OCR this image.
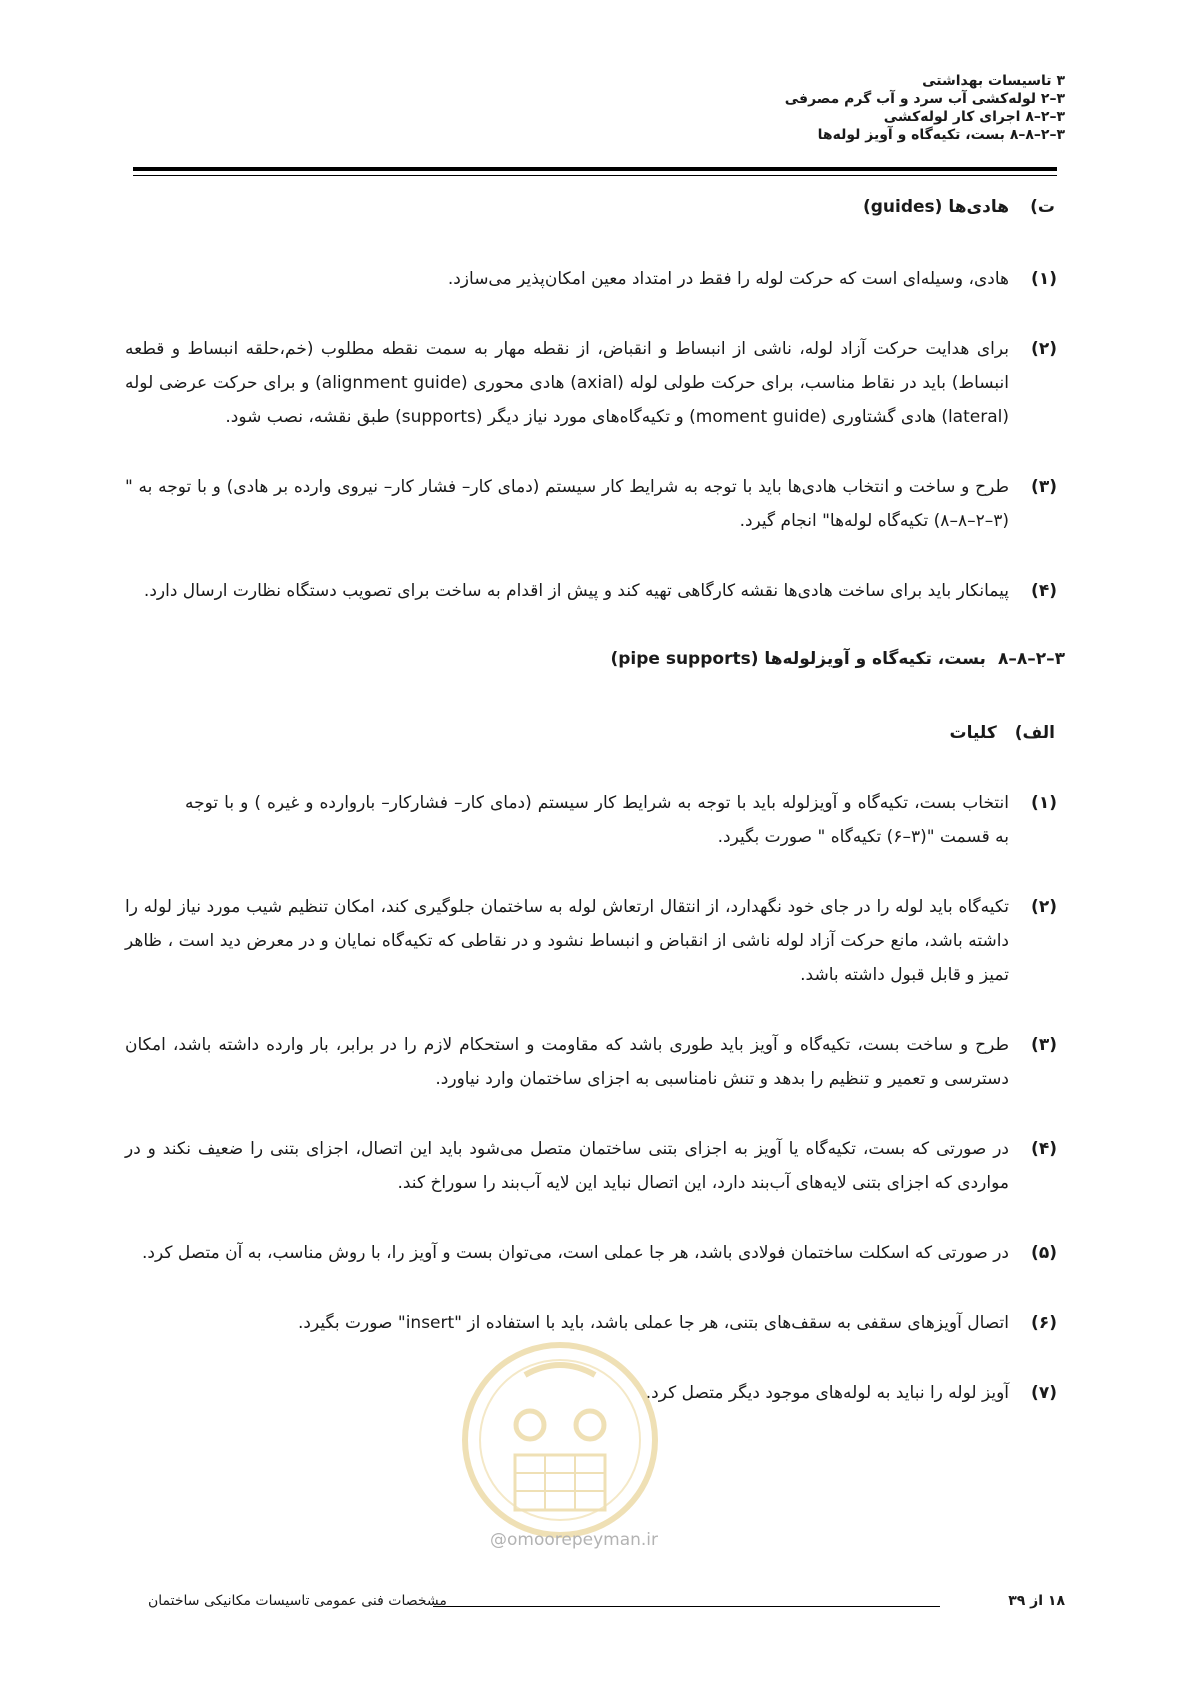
۳ تاسیسات بهداشتی
۳–۲ لوله‌کشی آب سرد و آب گرم مصرفی
۳–۲–۸ اجرای کار لوله‌کشی
۳–۲–۸–۸ بست، تکیه‌گاه و آویز لوله‌ها
ت)
هادی‌ها (guides)
(۱)
هادی، وسیله‌ای است که حرکت لوله را فقط در امتداد معین امکان‌پذیر می‌سازد.
(۲)
برای هدایت حرکت آزاد لوله، ناشی از انبساط و انقباض، از نقطه مهار به سمت نقطه مطلوب (خم،حلقه انبساط و قطعه انبساط) باید در نقاط مناسب، برای حرکت طولی لوله (axial) هادی محوری (alignment guide) و برای حرکت عرضی لوله (lateral) هادی گشتاوری (moment guide) و تکیه‌گاه‌های مورد نیاز دیگر (supports) طبق نقشه، نصب شود.
(۳)
طرح و ساخت و انتخاب هادی‌ها باید با توجه به شرایط کار سیستم (دمای کار– فشار کار– نیروی وارده بر هادی) و با توجه به "(۳–۲–۸–۸) تکیه‌گاه لوله‌ها" انجام گیرد.
(۴)
پیمانکار باید برای ساخت هادی‌ها نقشه کارگاهی تهیه کند و پیش از اقدام به ساخت برای تصویب دستگاه نظارت ارسال دارد.
۳–۲–۸–۸
بست، تکیه‌گاه و آویزلوله‌ها (pipe supports)
الف)
کلیات
(۱)
انتخاب بست، تکیه‌گاه و آویزلوله باید با توجه به شرایط کار سیستم (دمای کار– فشارکار– باروارده و غیره ) و با توجه به قسمت "(۳–۶) تکیه‌گاه " صورت بگیرد.
(۲)
تکیه‌گاه باید لوله را در جای خود نگهدارد، از انتقال ارتعاش لوله به ساختمان جلوگیری کند، امکان تنظیم شیب مورد نیاز لوله را داشته باشد، مانع حرکت آزاد لوله ناشی از انقباض و انبساط نشود و در نقاطی که تکیه‌گاه نمایان و در معرض دید است ، ظاهر تمیز و قابل قبول داشته باشد.
(۳)
طرح و ساخت بست، تکیه‌گاه و آویز باید طوری باشد که مقاومت و استحکام لازم را در برابر، بار وارده داشته باشد، امکان دسترسی و تعمیر و تنظیم را بدهد و تنش نامناسبی به اجزای ساختمان وارد نیاورد.
(۴)
در صورتی که بست، تکیه‌گاه یا آویز به اجزای بتنی ساختمان متصل می‌شود باید این اتصال، اجزای بتنی را ضعیف نکند و در مواردی که اجزای بتنی لایه‌های آب‌بند دارد، این اتصال نباید این لایه آب‌بند را سوراخ کند.
(۵)
در صورتی که اسکلت ساختمان فولادی باشد، هر جا عملی است، می‌توان بست و آویز را، با روش مناسب، به آن متصل کرد.
(۶)
اتصال آویزهای سقفی به سقف‌های بتنی، هر جا عملی باشد، باید با استفاده از "insert" صورت بگیرد.
(۷)
آویز لوله را نباید به لوله‌های موجود دیگر متصل کرد.
@omoorepeyman.ir
۱۸ از ۳۹
مشخصات فنی عمومی تاسیسات مکانیکی ساختمان
